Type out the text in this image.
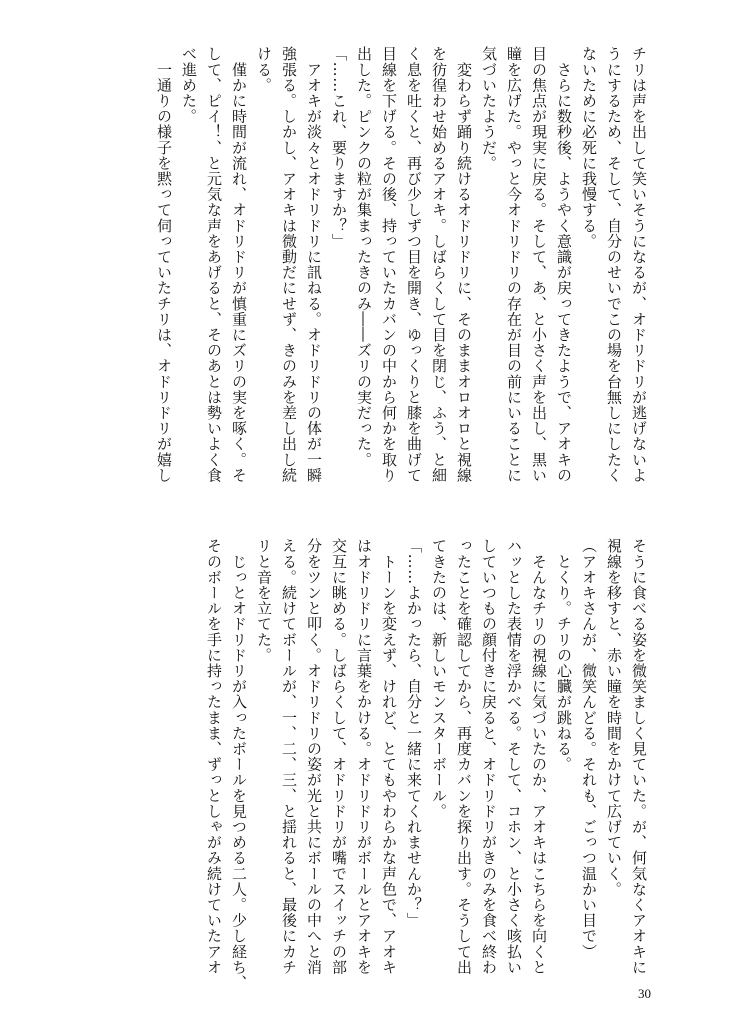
チリは声を出して笑いそうになるが、オドリドリが逃げないよ
うにするため、そして、自分のせいでこの場を台無しにしたく
ないために必死に我慢する。
　さらに数秒後、ようやく意識が戻ってきたようで、アオキの
目の焦点が現実に戻る。そして、あ、と小さく声を出し、黒い
瞳を広げた。やっと今オドリドリの存在が目の前にいることに
気づいたようだ。
　変わらず踊り続けるオドリドリに、そのままオロオロと視線
を彷徨わせ始めるアオキ。しばらくして目を閉じ、ふう、と細
く息を吐くと、再び少しずつ目を開き、ゆっくりと膝を曲げて
目線を下げる。その後、持っていたカバンの中から何かを取り
出した。ピンクの粒が集まったきのみ――ズリの実だった。
「……これ、要りますか？」
　アオキが淡々とオドリドリに訊ねる。オドリドリの体が一瞬
強張る。しかし、アオキは微動だにせず、きのみを差し出し続
ける。
　僅かに時間が流れ、オドリドリが慎重にズリの実を啄く。そ
して、ピイ！、と元気な声をあげると、そのあとは勢いよく食
べ進めた。
　一通りの様子を黙って伺っていたチリは、オドリドリが嬉し
そうに食べる姿を微笑ましく見ていた。が、何気なくアオキに
視線を移すと、赤い瞳を時間をかけて広げていく。
（アオキさんが、微笑んどる。それも、ごっつ温かい目で）
　とくり。チリの心臓が跳ねる。
　そんなチリの視線に気づいたのか、アオキはこちらを向くと
ハッとした表情を浮かべる。そして、コホン、と小さく咳払い
していつもの顔付きに戻ると、オドリドリがきのみを食べ終わ
ったことを確認してから、再度カバンを探り出す。そうして出
てきたのは、新しいモンスターボール。
「……よかったら、自分と一緒に来てくれませんか？」
　トーンを変えず、けれど、とてもやわらかな声色で、アオキ
はオドリドリに言葉をかける。オドリドリがボールとアオキを
交互に眺める。しばらくして、オドリドリが嘴でスイッチの部
分をツンと叩く。オドリドリの姿が光と共にボールの中へと消
える。続けてボールが、一、二、三、と揺れると、最後にカチ
リと音を立てた。
　じっとオドリドリが入ったボールを見つめる二人。少し経ち、
そのボールを手に持ったまま、ずっとしゃがみ続けていたアオ
30
